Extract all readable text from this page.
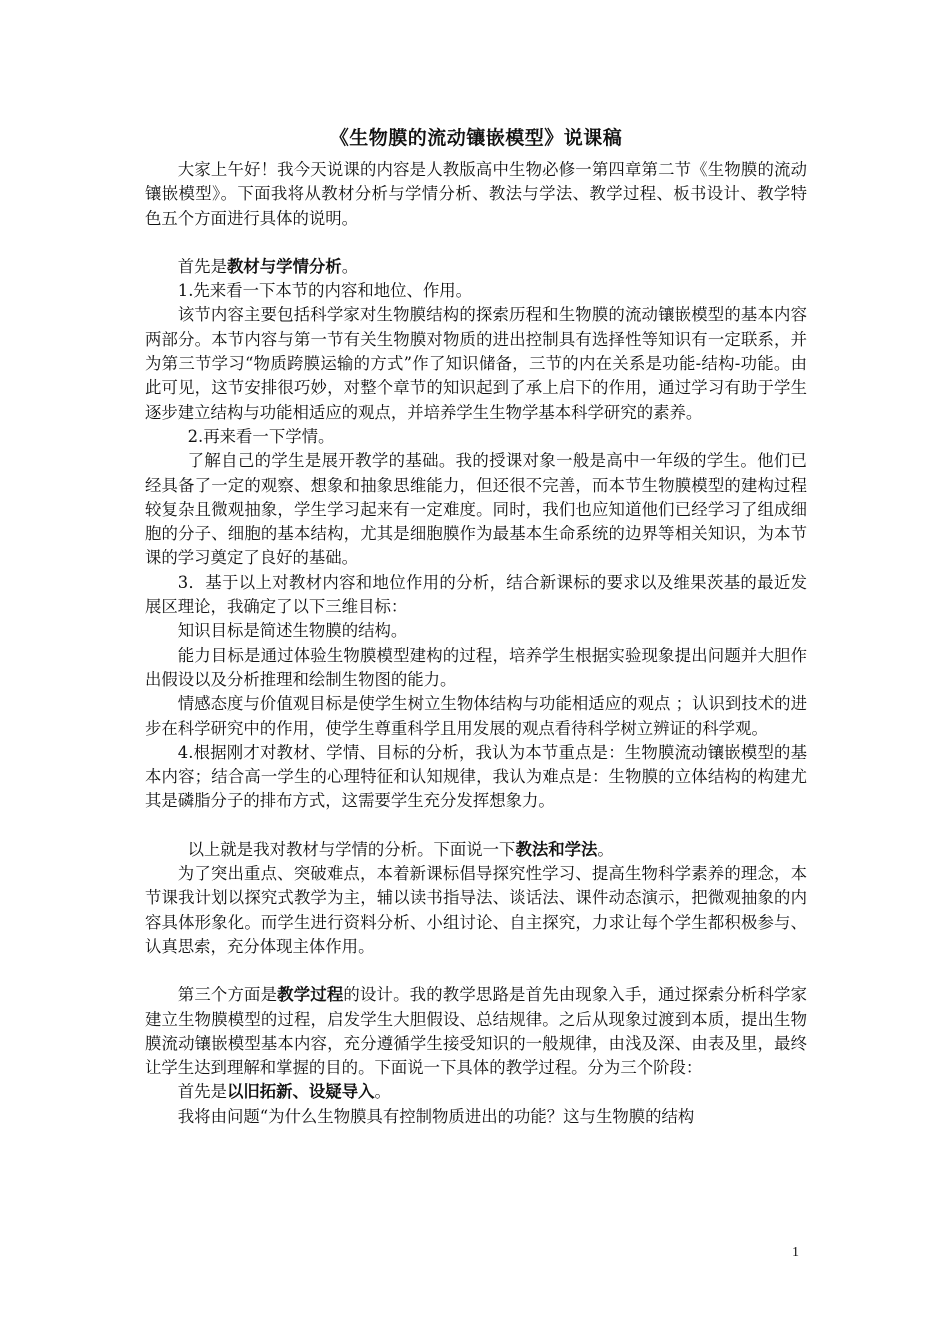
《生物膜的流动镶嵌模型》说课稿

大家上午好！我今天说课的内容是人教版高中生物必修一第四章第二节《生物膜的流动镶嵌模型》。下面我将从教材分析与学情分析、教法与学法、教学过程、板书设计、教学特色五个方面进行具体的说明。

首先是教材与学情分析。

1.先来看一下本节的内容和地位、作用。

该节内容主要包括科学家对生物膜结构的探索历程和生物膜的流动镶嵌模型的基本内容两部分。本节内容与第一节有关生物膜对物质的进出控制具有选择性等知识有一定联系，并为第三节学习“物质跨膜运输的方式”作了知识储备，三节的内在关系是功能-结构-功能。由此可见，这节安排很巧妙，对整个章节的知识起到了承上启下的作用，通过学习有助于学生逐步建立结构与功能相适应的观点，并培养学生生物学基本科学研究的素养。

2.再来看一下学情。

了解自己的学生是展开教学的基础。我的授课对象一般是高中一年级的学生。他们已经具备了一定的观察、想象和抽象思维能力，但还很不完善，而本节生物膜模型的建构过程较复杂且微观抽象，学生学习起来有一定难度。同时，我们也应知道他们已经学习了组成细胞的分子、细胞的基本结构，尤其是细胞膜作为最基本生命系统的边界等相关知识，为本节课的学习奠定了良好的基础。

3．基于以上对教材内容和地位作用的分析，结合新课标的要求以及维果茨基的最近发展区理论，我确定了以下三维目标：

知识目标是简述生物膜的结构。

能力目标是通过体验生物膜模型建构的过程，培养学生根据实验现象提出问题并大胆作出假设以及分析推理和绘制生物图的能力。

情感态度与价值观目标是使学生树立生物体结构与功能相适应的观点 ；认识到技术的进步在科学研究中的作用，使学生尊重科学且用发展的观点看待科学树立辨证的科学观。

4.根据刚才对教材、学情、目标的分析，我认为本节重点是：生物膜流动镶嵌模型的基本内容；结合高一学生的心理特征和认知规律，我认为难点是：生物膜的立体结构的构建尤其是磷脂分子的排布方式，这需要学生充分发挥想象力。

以上就是我对教材与学情的分析。下面说一下教法和学法。

为了突出重点、突破难点，本着新课标倡导探究性学习、提高生物科学素养的理念，本节课我计划以探究式教学为主，辅以读书指导法、谈话法、课件动态演示，把微观抽象的内容具体形象化。而学生进行资料分析、小组讨论、自主探究，力求让每个学生都积极参与、认真思索，充分体现主体作用。

第三个方面是教学过程的设计。我的教学思路是首先由现象入手，通过探索分析科学家建立生物膜模型的过程，启发学生大胆假设、总结规律。之后从现象过渡到本质，提出生物膜流动镶嵌模型基本内容，充分遵循学生接受知识的一般规律，由浅及深、由表及里，最终让学生达到理解和掌握的目的。下面说一下具体的教学过程。分为三个阶段：

首先是以旧拓新、设疑导入。

我将由问题“为什么生物膜具有控制物质进出的功能？这与生物膜的结构

1
